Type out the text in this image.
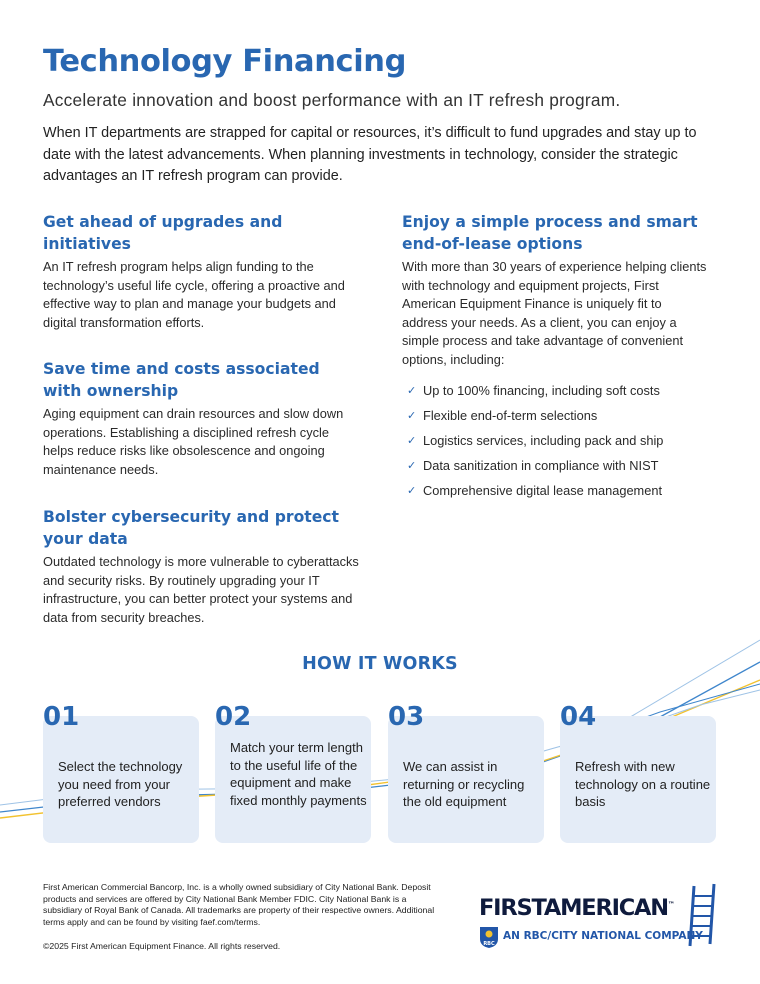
Technology Financing

Accelerate innovation and boost performance with an IT refresh program.

When IT departments are strapped for capital or resources, it’s difficult to fund upgrades and stay up to date with the latest advancements. When planning investments in technology, consider the strategic advantages an IT refresh program can provide.

Get ahead of upgrades and initiatives

An IT refresh program helps align funding to the technology’s useful life cycle, offering a proactive and effective way to plan and manage your budgets and digital transformation efforts.

Save time and costs associated with ownership

Aging equipment can drain resources and slow down operations. Establishing a disciplined refresh cycle helps reduce risks like obsolescence and ongoing maintenance needs.

Bolster cybersecurity and protect your data

Outdated technology is more vulnerable to cyberattacks and security risks. By routinely upgrading your IT infrastructure, you can better protect your systems and data from security breaches.

Enjoy a simple process and smart end-of-lease options

With more than 30 years of experience helping clients with technology and equipment projects, First American Equipment Finance is uniquely fit to address your needs. As a client, you can enjoy a simple process and take advantage of convenient options, including:

✓ Up to 100% financing, including soft costs
✓ Flexible end-of-term selections
✓ Logistics services, including pack and ship
✓ Data sanitization in compliance with NIST
✓ Comprehensive digital lease management
HOW IT WORKS
01
Select the technology you need from your preferred vendors
02
Match your term length to the useful life of the equipment and make fixed monthly payments
03
We can assist in returning or recycling the old equipment
04
Refresh with new technology on a routine basis

First American Commercial Bancorp, Inc. is a wholly owned subsidiary of City National Bank. Deposit products and services are offered by City National Bank Member FDIC. City National Bank is a subsidiary of Royal Bank of Canada. All trademarks are property of their respective owners. Additional terms apply and can be found by visiting faef.com/terms.

©2025 First American Equipment Finance. All rights reserved.

FIRSTAMERICAN™
RBC
AN RBC/CITY NATIONAL COMPANY
